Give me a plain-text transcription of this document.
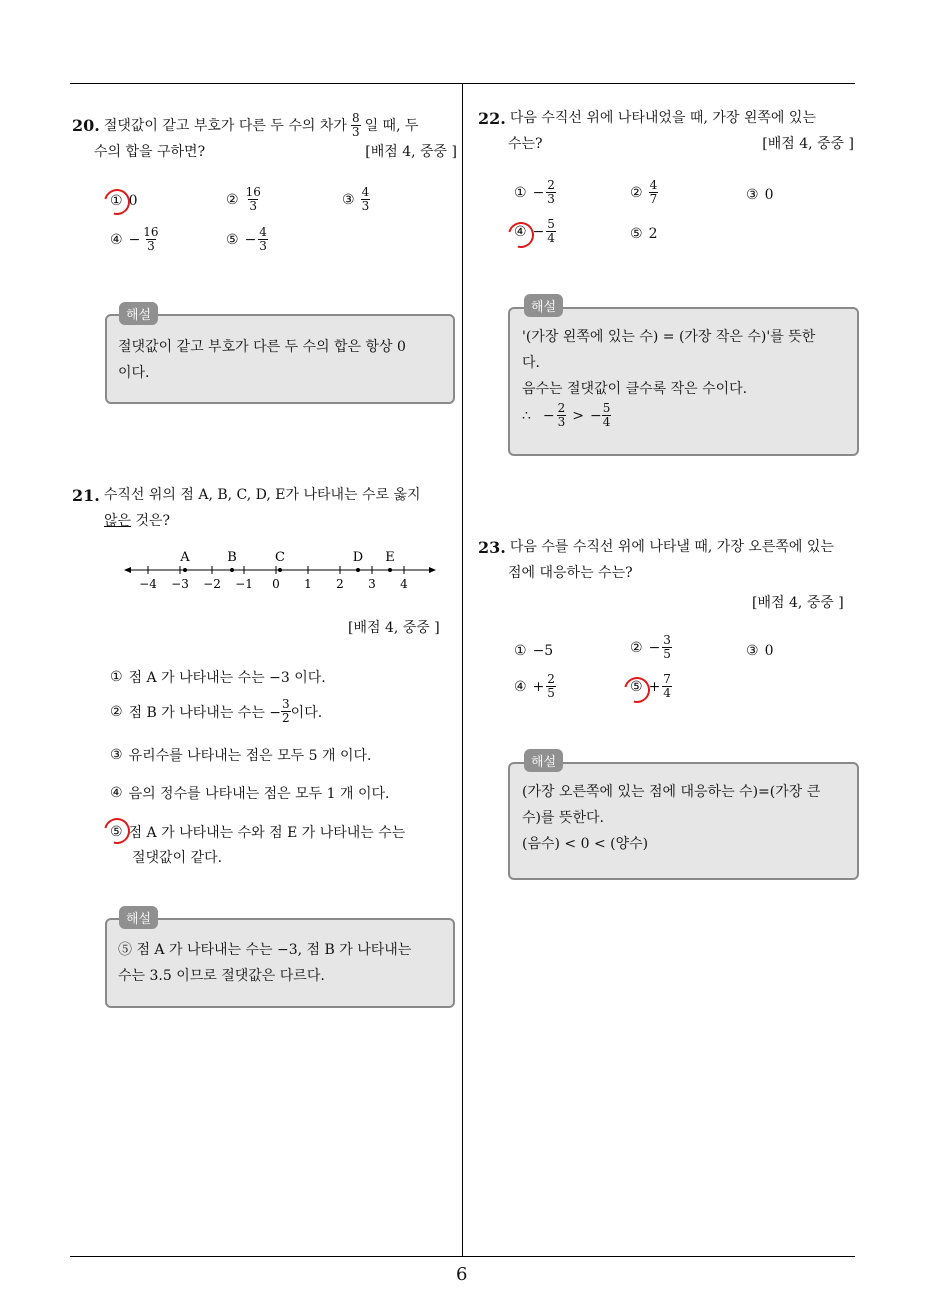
20. 절댓값이 같고 부호가 다른 두 수의 차가 $\frac{8}{3}$ 일 때, 두
수의 합을 구하면?	[배점 4, 중중 ]
① 0	② $\frac{16}{3}$	③ $\frac{4}{3}$
④ − $\frac{16}{3}$	⑤ − $\frac{4}{3}$
해설
절댓값이 같고 부호가 다른 두 수의 합은 항상 0
이다.
21. 수직선 위의 점 A, B, C, D, E가 나타내는 수로 옳지
않은 것은?
−4 −3 −2 −1 0 1 2 3 4
A	B	C	D E
[배점 4, 중중 ]
① 점 A 가 나타내는 수는 −3 이다.
② 점 B 가 나타내는 수는 − $\frac{3}{2}$ 이다.
③ 유리수를 나타내는 점은 모두 5 개 이다.
④ 음의 정수를 나타내는 점은 모두 1 개 이다.
⑤ 점 A 가 나타내는 수와 점 E 가 나타내는 수는
절댓값이 같다.
해설
⑤ 점 A 가 나타내는 수는 −3, 점 B 가 나타내는
수는 3.5 이므로 절댓값은 다르다.
22. 다음 수직선 위에 나타내었을 때, 가장 왼쪽에 있는
수는?	[배점 4, 중중 ]
① − $\frac{2}{3}$	② $\frac{4}{7}$	③ 0
④ − $\frac{5}{4}$	⑤ 2
해설
'(가장 왼쪽에 있는 수) = (가장 작은 수)'를 뜻한
다.
음수는 절댓값이 클수록 작은 수이다.
∴ − $\frac{2}{3}$ > − $\frac{5}{4}$
23. 다음 수를 수직선 위에 나타낼 때, 가장 오른쪽에 있는
점에 대응하는 수는?
[배점 4, 중중 ]
① −5	② − $\frac{3}{5}$	③ 0
④ + $\frac{2}{5}$	⑤ + $\frac{7}{4}$
해설
(가장 오른쪽에 있는 점에 대응하는 수)=(가장 큰
수)를 뜻한다.
(음수) < 0 < (양수)
6
